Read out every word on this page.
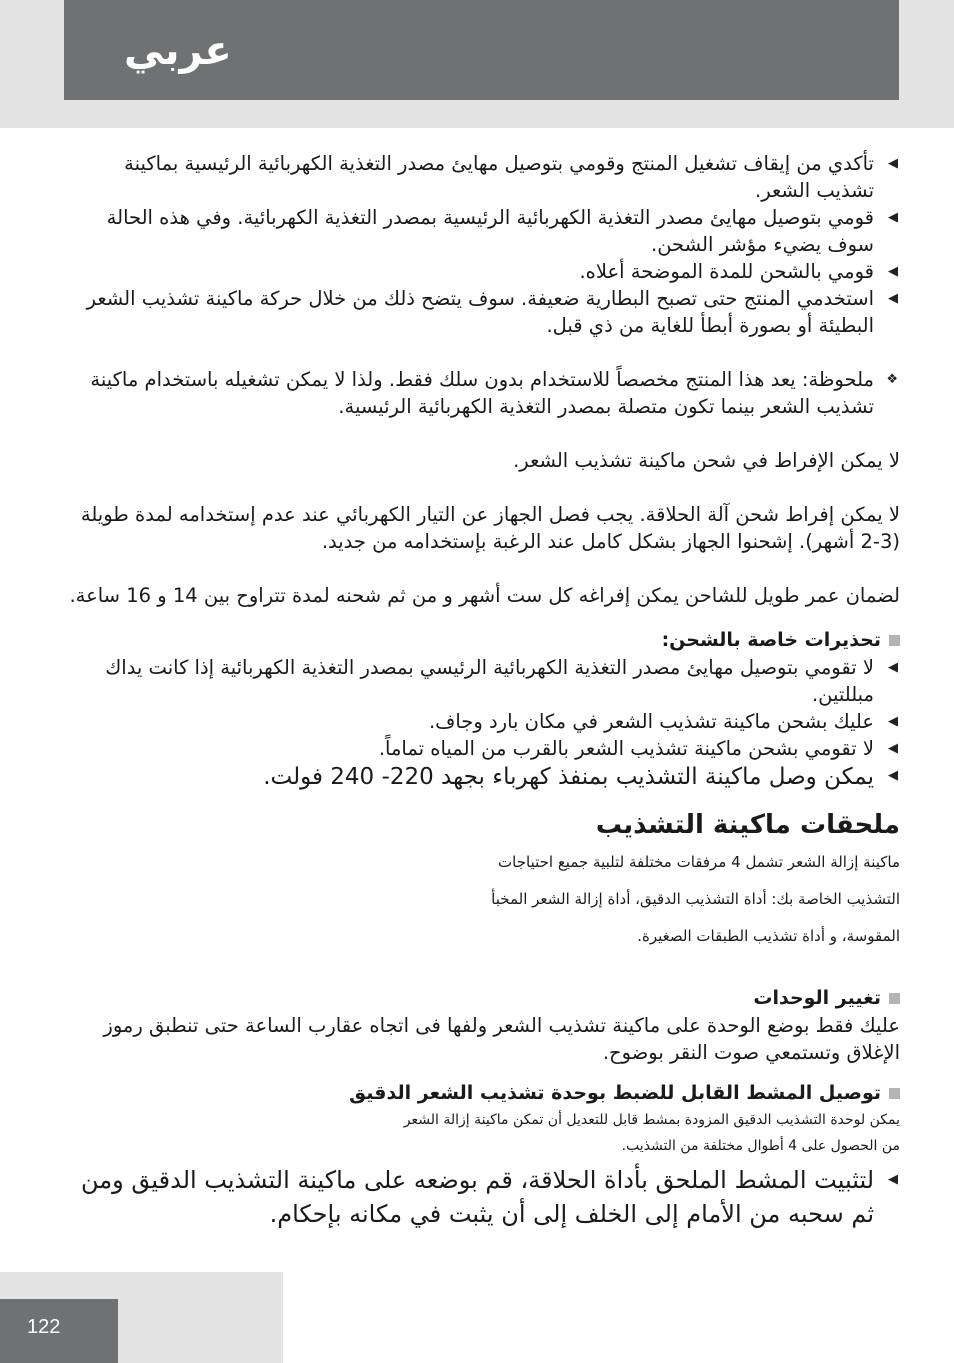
عربي

◀
تأكدي من إيقاف تشغيل المنتج وقومي بتوصيل مهايئ مصدر التغذية الكهربائية الرئيسية بماكينة تشذيب الشعر.

◀
قومي بتوصيل مهايئ مصدر التغذية الكهربائية الرئيسية بمصدر التغذية الكهربائية. وفي هذه الحالة سوف يضيء مؤشر الشحن.

◀
قومي بالشحن للمدة الموضحة أعلاه.

◀
استخدمي المنتج حتى تصبح البطارية ضعيفة. سوف يتضح ذلك من خلال حركة ماكينة تشذيب الشعر البطيئة أو بصورة أبطأ للغاية من ذي قبل.

❖
ملحوظة: يعد هذا المنتج مخصصاً للاستخدام بدون سلك فقط. ولذا لا يمكن تشغيله باستخدام ماكينة تشذيب الشعر بينما تكون متصلة بمصدر التغذية الكهربائية الرئيسية.

لا يمكن الإفراط في شحن ماكينة تشذيب الشعر.

لا يمكن إفراط شحن آلة الحلاقة. يجب فصل الجهاز عن التيار الكهربائي عند عدم إستخدامه لمدة طويلة (3-2 أشهر). إشحنوا الجهاز بشكل كامل عند الرغبة بإستخدامه من جديد.

لضمان عمر طويل للشاحن يمكن إفراغه كل ست أشهر و من ثم شحنه لمدة تتراوح بين 14 و 16 ساعة.

تحذيرات خاصة بالشحن:

◀
لا تقومي بتوصيل مهايئ مصدر التغذية الكهربائية الرئيسي بمصدر التغذية الكهربائية إذا كانت يداك مبللتين.

◀
عليك بشحن ماكينة تشذيب الشعر في مكان بارد وجاف.

◀
لا تقومي بشحن ماكينة تشذيب الشعر بالقرب من المياه تماماً.

◀
يمكن وصل ماكينة التشذيب بمنفذ كهرباء بجهد 220- 240 فولت.

ملحقات ماكينة التشذيب

ماكينة إزالة الشعر تشمل 4 مرفقات مختلفة لتلبية جميع احتياجات

التشذيب الخاصة بك: أداة التشذيب الدقيق، أداة إزالة الشعر المخبأ

المقوسة، و أداة تشذيب الطبقات الصغيرة.

تغيير الوحدات

عليك فقط بوضع الوحدة على ماكينة تشذيب الشعر ولفها فى اتجاه عقارب الساعة حتى تنطبق رموز الإغلاق وتستمعي صوت النقر بوضوح.

توصيل المشط القابل للضبط بوحدة تشذيب الشعر الدقيق

يمكن لوحدة التشذيب الدقيق المزودة بمشط قابل للتعديل أن تمكن ماكينة إزالة الشعر

من الحصول على 4 أطوال مختلفة من التشذيب.

◀
لتثبيت المشط الملحق بأداة الحلاقة، قم بوضعه على ماكينة التشذيب الدقيق ومن ثم سحبه من الأمام إلى الخلف إلى أن يثبت في مكانه بإحكام.

122
